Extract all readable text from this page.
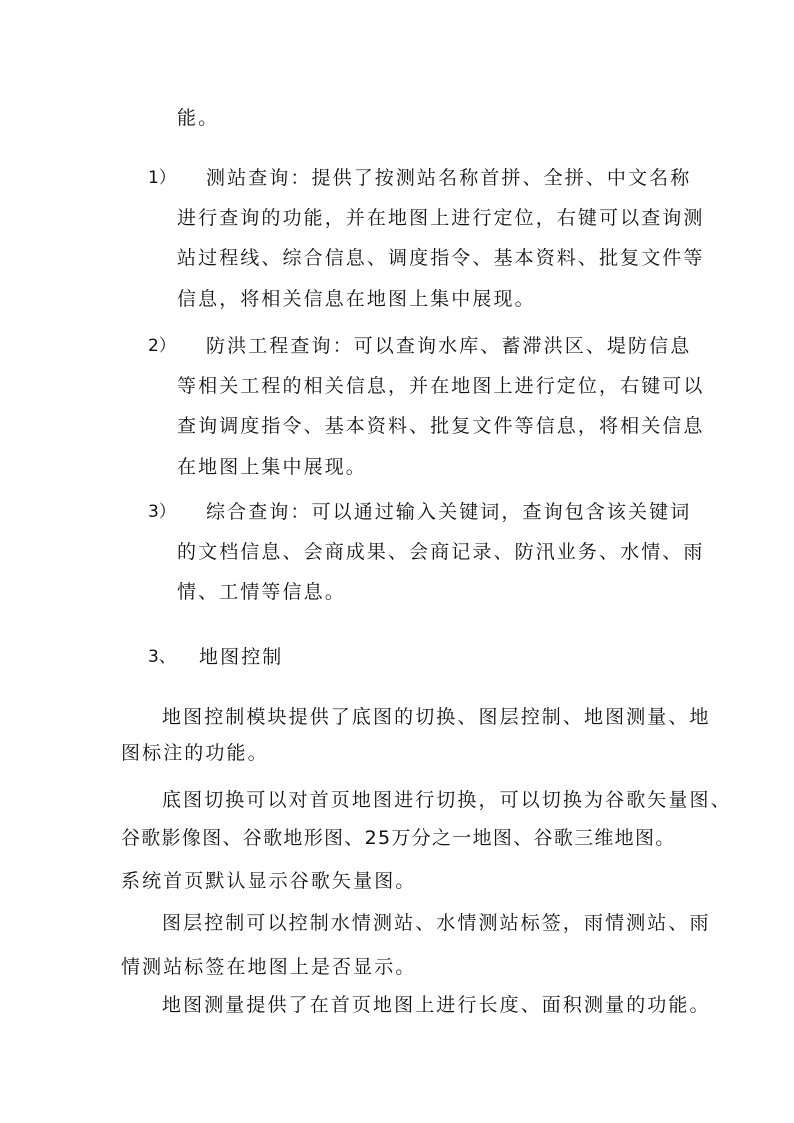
能。
1） 测站查询：提供了按测站名称首拼、全拼、中文名称
进行查询的功能，并在地图上进行定位，右键可以查询测
站过程线、综合信息、调度指令、基本资料、批复文件等
信息，将相关信息在地图上集中展现。
2） 防洪工程查询：可以查询水库、蓄滞洪区、堤防信息
等相关工程的相关信息，并在地图上进行定位，右键可以
查询调度指令、基本资料、批复文件等信息，将相关信息
在地图上集中展现。
3） 综合查询：可以通过输入关键词，查询包含该关键词
的文档信息、会商成果、会商记录、防汛业务、水情、雨
情、工情等信息。
3、 地图控制
地图控制模块提供了底图的切换、图层控制、地图测量、地
图标注的功能。
底图切换可以对首页地图进行切换，可以切换为谷歌矢量图、
谷歌影像图、谷歌地形图、25万分之一地图、谷歌三维地图。
系统首页默认显示谷歌矢量图。
图层控制可以控制水情测站、水情测站标签，雨情测站、雨
情测站标签在地图上是否显示。
地图测量提供了在首页地图上进行长度、面积测量的功能。
